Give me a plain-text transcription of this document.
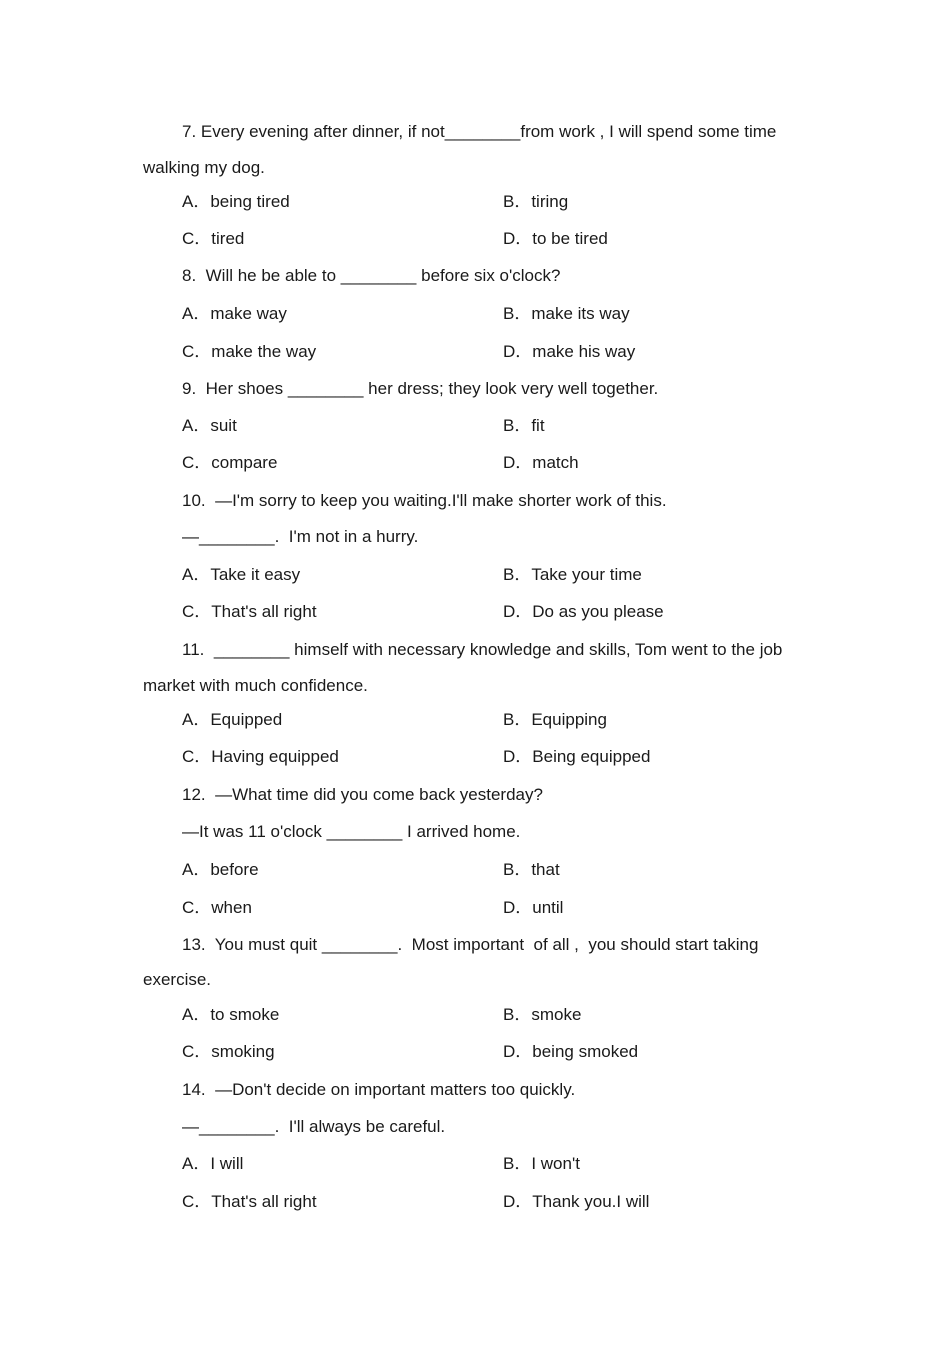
7. Every evening after dinner, if not________from work , I will spend some time
walking my dog.
A．being tired	B．tiring
C．tired	D．to be tired
8.  Will he be able to ________ before six o'clock?
A．make way	B．make its way
C．make the way	D．make his way
9.  Her shoes ________ her dress; they look very well together.
A．suit	B．fit
C．compare	D．match
10.  —I'm sorry to keep you waiting.I'll make shorter work of this.
—________.  I'm not in a hurry.
A．Take it easy	B．Take your time
C．That's all right	D．Do as you please
11.  ________ himself with necessary knowledge and skills, Tom went to the job
market with much confidence.
A．Equipped	B．Equipping
C．Having equipped	D．Being equipped
12.  —What time did you come back yesterday?
—It was 11 o'clock ________ I arrived home.
A．before	B．that
C．when	D．until
13.  You must quit ________.  Most important  of all ,  you should start taking
exercise.
A．to smoke	B．smoke
C．smoking	D．being smoked
14.  —Don't decide on important matters too quickly.
—________.  I'll always be careful.
A．I will	B．I won't
C．That's all right	D．Thank you.I will
